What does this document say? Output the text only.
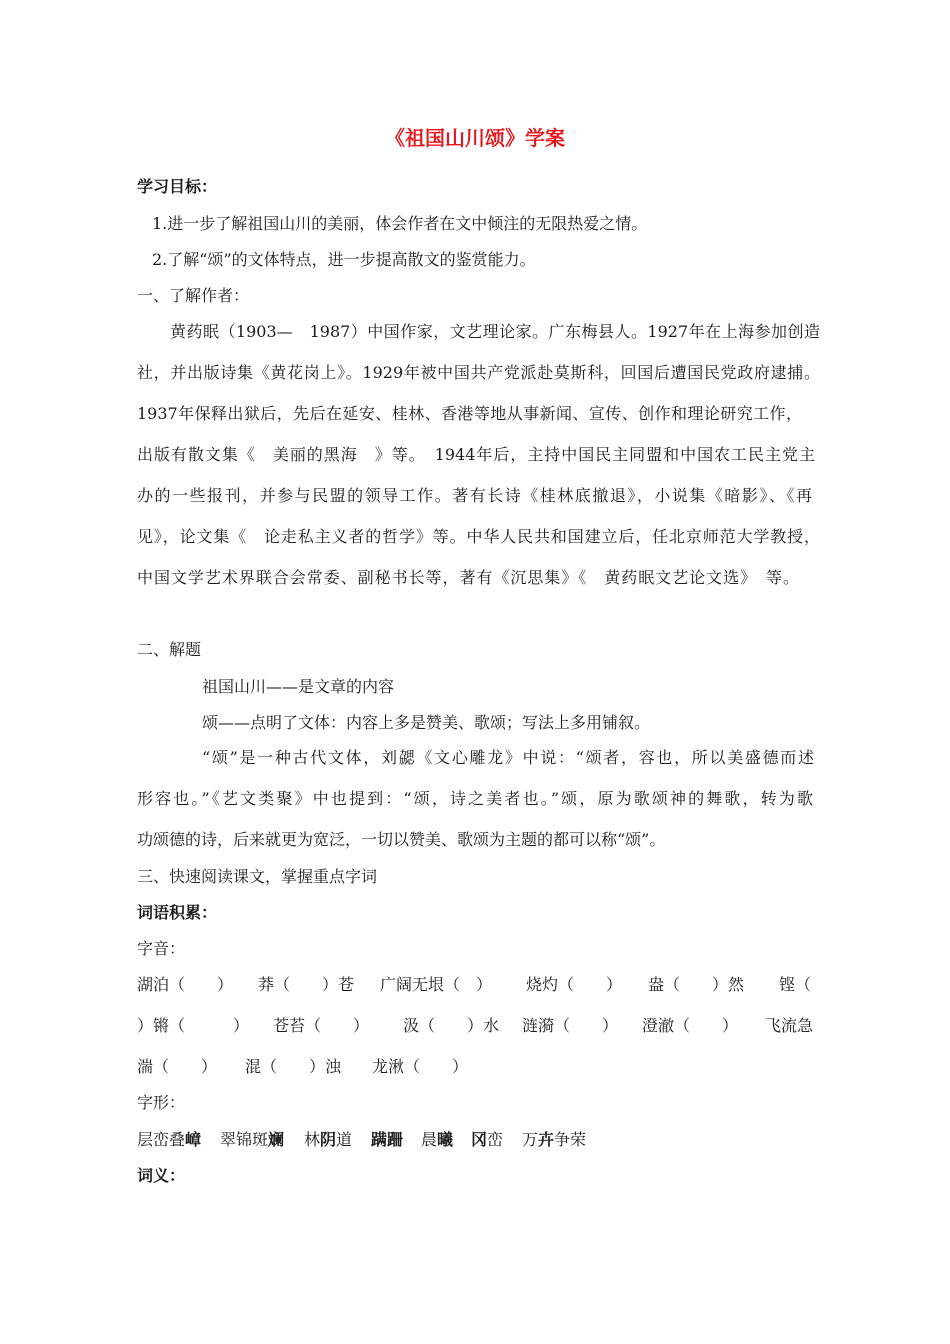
《祖国山川颂》学案
学习目标：
1.进一步了解祖国山川的美丽，体会作者在文中倾注的无限热爱之情。
2.了解“颂”的文体特点，进一步提高散文的鉴赏能力。
一、了解作者：
黄药眠（1903—　1987）中国作家，文艺理论家。广东梅县人。1927年在上海参加创造
社，并出版诗集《黄花岗上》。1929年被中国共产党派赴莫斯科，回国后遭国民党政府逮捕。
1937年保释出狱后，先后在延安、桂林、香港等地从事新闻、宣传、创作和理论研究工作，
出版有散文集《　美丽的黑海　》等。　1944年后，主持中国民主同盟和中国农工民主党主
办的一些报刊，并参与民盟的领导工作。著有长诗《桂林底撤退》，小说集《暗影》、《再
见》，论文集《　论走私主义者的哲学》等。中华人民共和国建立后，任北京师范大学教授，
中国文学艺术界联合会常委、副秘书长等，著有《沉思集》《　黄药眠文艺论文选》　等。
二、解题
祖国山川——是文章的内容
颂——点明了文体：内容上多是赞美、歌颂；写法上多用铺叙。
“颂”是一种古代文体，刘勰《文心雕龙》中说：“颂者，容也，所以美盛德而述
形容也。”《艺文类聚》中也提到：“颂，诗之美者也。”颂，原为歌颂神的舞歌，转为歌
功颂德的诗，后来就更为宽泛，一切以赞美、歌颂为主题的都可以称“颂”。
三、快速阅读课文，掌握重点字词
词语积累：
字音：
湖泊（　　） 莽（　　）苍 广阔无垠（　） 烧灼（　　） 盎（　　）然 铿（
）锵（　　　） 苍苔（　　） 汲（　　）水 涟漪（　　） 澄澈（　　） 飞流急
湍（　　） 混（　　）浊 龙湫（　　）
字形：
层峦叠嶂 翠锦斑斓 林阴道 蹒跚 晨曦 冈峦 万卉争荣
词义：
